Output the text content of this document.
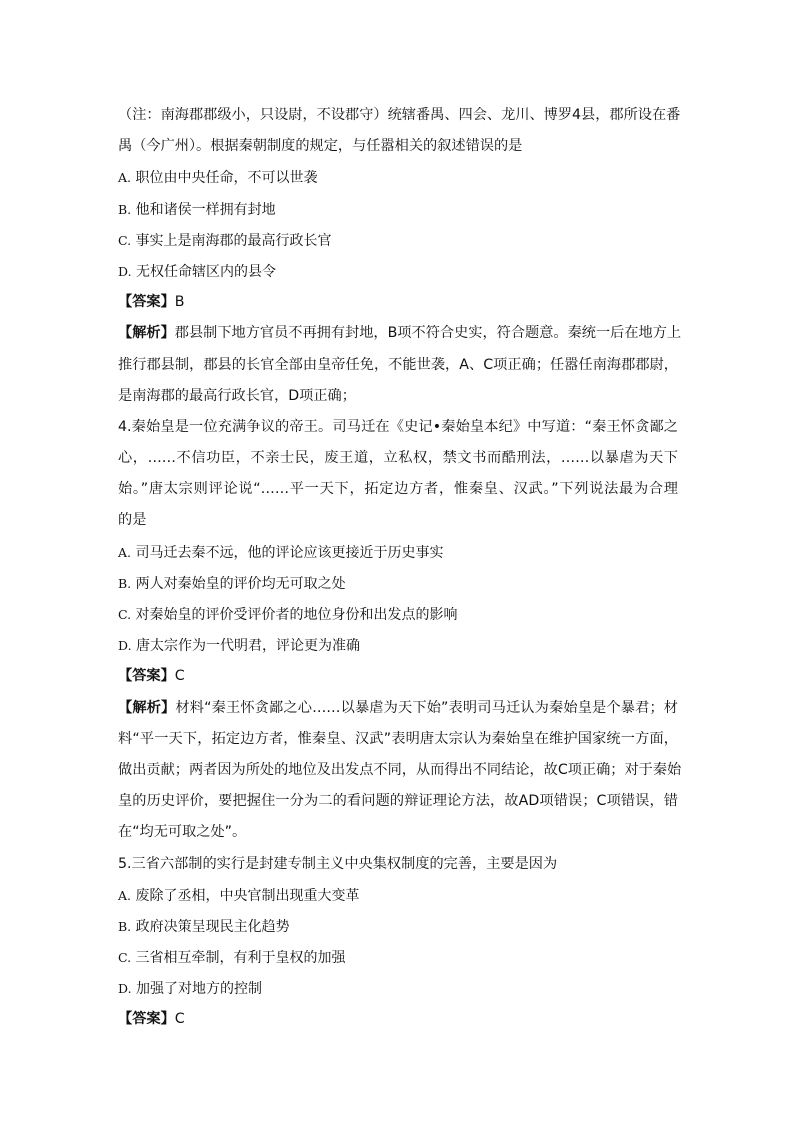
（注：南海郡郡级小，只设尉，不设郡守）统辖番禺、四会、龙川、博罗4县，郡所设在番
禺（今广州）。根据秦朝制度的规定，与任嚣相关的叙述错误的是
A. 职位由中央任命，不可以世袭
B. 他和诸侯一样拥有封地
C. 事实上是南海郡的最高行政长官
D. 无权任命辖区内的县令
【答案】B
【解析】郡县制下地方官员不再拥有封地，B项不符合史实，符合题意。秦统一后在地方上
推行郡县制，郡县的长官全部由皇帝任免，不能世袭，A、C项正确；任嚣任南海郡郡尉，
是南海郡的最高行政长官，D项正确；
4.秦始皇是一位充满争议的帝王。司马迁在《史记•秦始皇本纪》中写道：“秦王怀贪鄙之
心，……不信功臣，不亲士民，废王道，立私权，禁文书而酷刑法，……以暴虐为天下
始。”唐太宗则评论说“……平一天下，拓定边方者，惟秦皇、汉武。”下列说法最为合理
的是
A. 司马迁去秦不远，他的评论应该更接近于历史事实
B. 两人对秦始皇的评价均无可取之处
C. 对秦始皇的评价受评价者的地位身份和出发点的影响
D. 唐太宗作为一代明君，评论更为准确
【答案】C
【解析】材料“秦王怀贪鄙之心……以暴虐为天下始”表明司马迁认为秦始皇是个暴君；材
料“平一天下，拓定边方者，惟秦皇、汉武”表明唐太宗认为秦始皇在维护国家统一方面，
做出贡献；两者因为所处的地位及出发点不同，从而得出不同结论，故C项正确；对于秦始
皇的历史评价，要把握住一分为二的看问题的辩证理论方法，故AD项错误；C项错误，错
在“均无可取之处”。
5.三省六部制的实行是封建专制主义中央集权制度的完善，主要是因为
A. 废除了丞相，中央官制出现重大变革
B. 政府决策呈现民主化趋势
C. 三省相互牵制，有利于皇权的加强
D. 加强了对地方的控制
【答案】C
